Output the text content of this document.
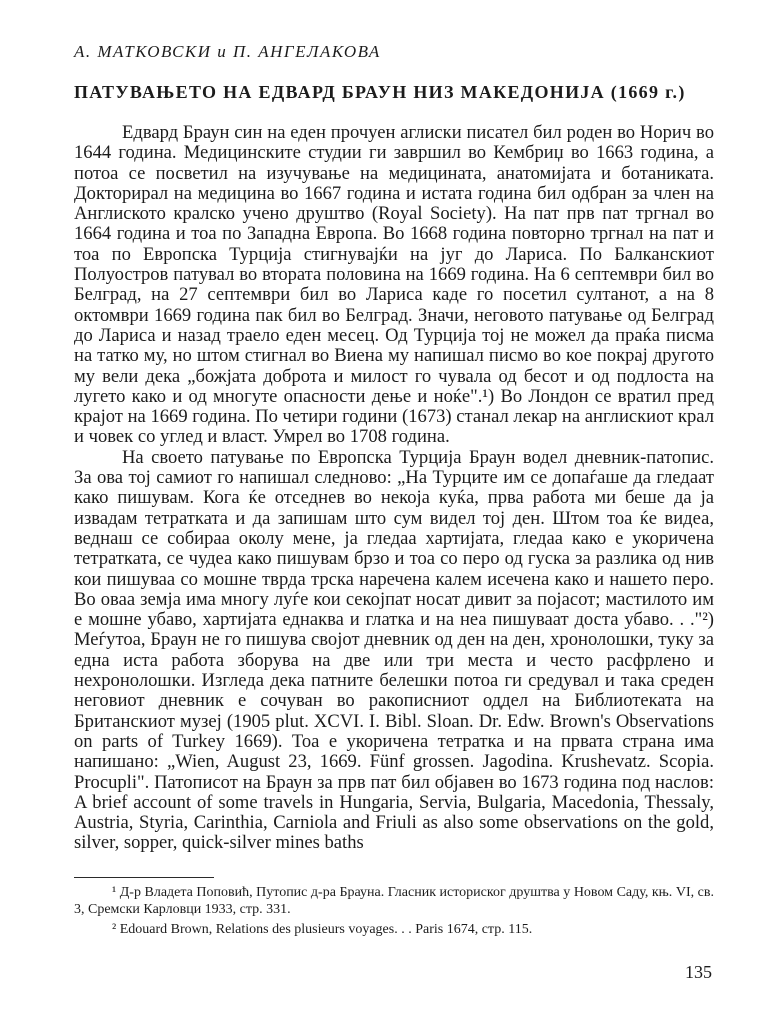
А. МАТКОВСКИ и П. АНГЕЛАКОВА
ПАТУВАЊЕТО НА ЕДВАРД БРАУН НИЗ МАКЕДОНИЈА (1669 г.)

Едвард Браун син на еден прочуен аглиски писател бил роден во Норич во 1644 година. Медицинските студии ги завршил во Кембриџ во 1663 година, а потоа се посветил на изучување на медицината, анатомијата и ботаниката. Докторирал на медицина во 1667 година и истата година бил одбран за член на Англиското кралско учено друштво (Royal Society). На пат прв пат тргнал во 1664 година и тоа по Западна Европа. Во 1668 година повторно тргнал на пат и тоа по Европска Турција стигнувајќи на југ до Лариса. По Балканскиот Полуостров патувал во втората половина на 1669 година. На 6 септември бил во Белград, на 27 септември бил во Лариса каде го посетил султанот, а на 8 октомври 1669 година пак бил во Белград. Значи, неговото патување од Белград до Лариса и назад траело еден месец. Од Турција тој не можел да праќа писма на татко му, но штом стигнал во Виена му напишал писмо во кое покрај другото му вели дека „божјата доброта и милост го чувала од бесот и од подлоста на лугето како и од многуте опасности дење и ноќе".¹) Во Лондон се вратил пред крајот на 1669 година. По четири години (1673) станал лекар на англискиот крал и човек со углед и власт. Умрел во 1708 година.

На своето патување по Европска Турција Браун водел дневник-патопис. За ова тој самиот го напишал следново: „На Турците им се допаѓаше да гледаат како пишувам. Кога ќе отседнев во некоја куќа, прва работа ми беше да ја извадам тетратката и да запишам што сум видел тој ден. Штом тоа ќе видеа, веднаш се собираа околу мене, ја гледаа хартијата, гледаа како е укоричена тетратката, се чудеа како пишувам брзо и тоа со перо од гуска за разлика од нив кои пишуваа со мошне тврда трска наречена калем исечена како и нашето перо. Во оваа земја има многу луѓе кои секојпат носат дивит за појасот; мастилото им е мошне убаво, хартијата еднаква и глатка и на неа пишуваат доста убаво. . ."²) Меѓутоа, Браун не го пишува својот дневник од ден на ден, хронолошки, туку за една иста работа зборува на две или три места и често расфрлено и нехронолошки. Изгледа дека патните белешки потоа ги средувал и така среден неговиот дневник е сочуван во ракописниот оддел на Библиотеката на Британскиот музеј (1905 plut. XCVI. I. Bibl. Sloan. Dr. Edw. Brown's Observations on parts of Turkey 1669). Тоа е укоричена тетратка и на првата страна има напишано: „Wien, August 23, 1669. Fünf grossen. Jagodina. Krushevatz. Scopia. Procupli". Патописот на Браун за прв пат бил објавен во 1673 година под наслов: A brief account of some travels in Hungaria, Servia, Bulgaria, Macedonia, Thessaly, Austria, Styria, Carinthia, Carniola and Friuli as also some observations on the gold, silver, sopper, quick-silver mines baths

¹ Д-р Владета Поповић, Путопис д-ра Брауна. Гласник историског друштва у Новом Саду, књ. VI, св. 3, Сремски Карловци 1933, стр. 331.

² Edouard Brown, Relations des plusieurs voyages. . . Paris 1674, стр. 115.

135
